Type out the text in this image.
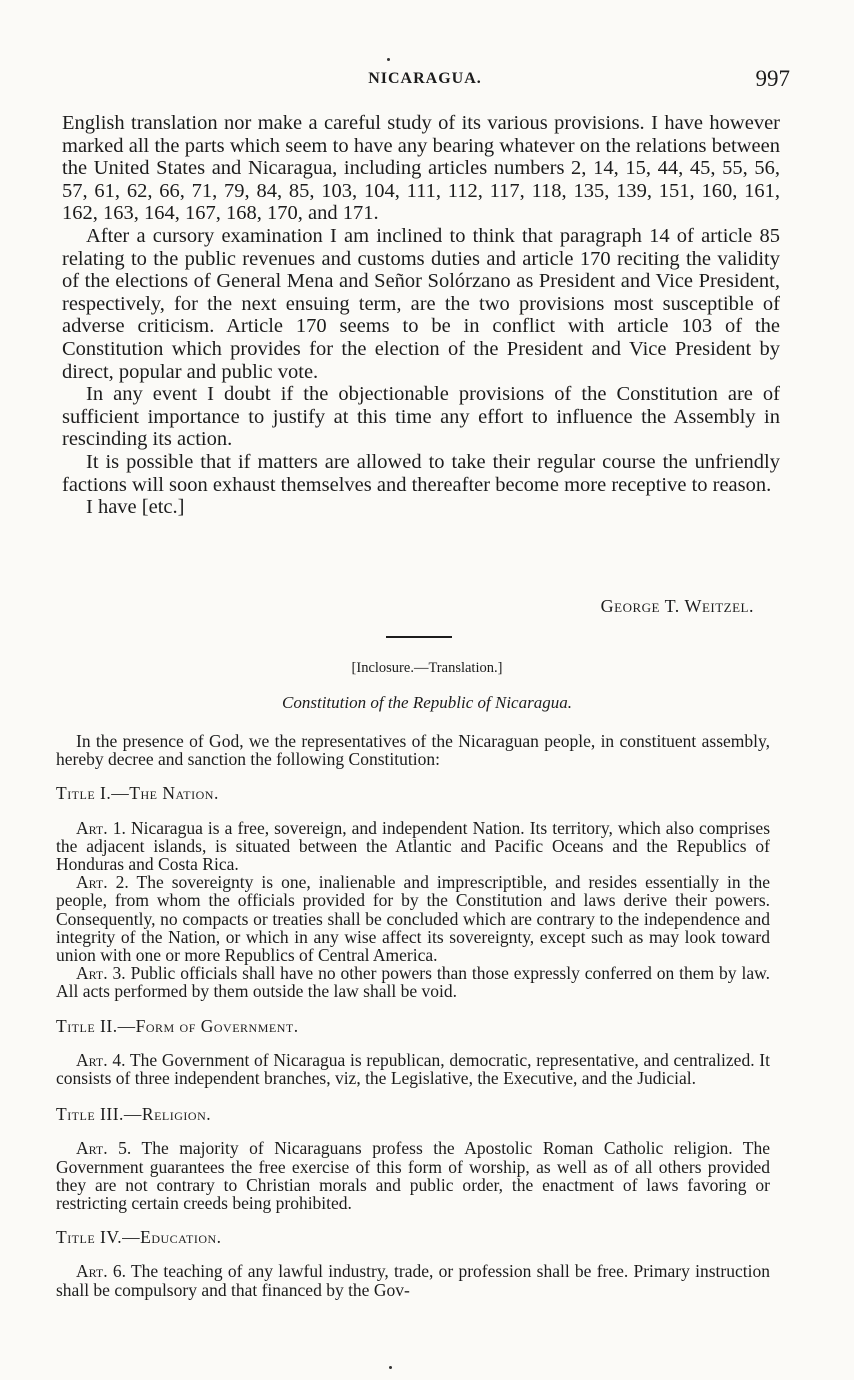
NICARAGUA.	997

English translation nor make a careful study of its various provisions. I have however marked all the parts which seem to have any bearing whatever on the relations between the United States and Nicaragua, including articles numbers 2, 14, 15, 44, 45, 55, 56, 57, 61, 62, 66, 71, 79, 84, 85, 103, 104, 111, 112, 117, 118, 135, 139, 151, 160, 161, 162, 163, 164, 167, 168, 170, and 171.

After a cursory examination I am inclined to think that paragraph 14 of article 85 relating to the public revenues and customs duties and article 170 reciting the validity of the elections of General Mena and Señor Solórzano as President and Vice President, respectively, for the next ensuing term, are the two provisions most susceptible of adverse criticism. Article 170 seems to be in conflict with article 103 of the Constitution which provides for the election of the President and Vice President by direct, popular and public vote.

In any event I doubt if the objectionable provisions of the Constitution are of sufficient importance to justify at this time any effort to influence the Assembly in rescinding its action.

It is possible that if matters are allowed to take their regular course the unfriendly factions will soon exhaust themselves and thereafter become more receptive to reason.

I have [etc.]

George T. Weitzel.
[Inclosure.—Translation.]
Constitution of the Republic of Nicaragua.

In the presence of God, we the representatives of the Nicaraguan people, in constituent assembly, hereby decree and sanction the following Constitution:

Title I.—The Nation.

Art. 1. Nicaragua is a free, sovereign, and independent Nation. Its territory, which also comprises the adjacent islands, is situated between the Atlantic and Pacific Oceans and the Republics of Honduras and Costa Rica.

Art. 2. The sovereignty is one, inalienable and imprescriptible, and resides essentially in the people, from whom the officials provided for by the Constitution and laws derive their powers. Consequently, no compacts or treaties shall be concluded which are contrary to the independence and integrity of the Nation, or which in any wise affect its sovereignty, except such as may look toward union with one or more Republics of Central America.

Art. 3. Public officials shall have no other powers than those expressly conferred on them by law. All acts performed by them outside the law shall be void.

Title II.—Form of Government.

Art. 4. The Government of Nicaragua is republican, democratic, representative, and centralized. It consists of three independent branches, viz, the Legislative, the Executive, and the Judicial.

Title III.—Religion.

Art. 5. The majority of Nicaraguans profess the Apostolic Roman Catholic religion. The Government guarantees the free exercise of this form of worship, as well as of all others provided they are not contrary to Christian morals and public order, the enactment of laws favoring or restricting certain creeds being prohibited.

Title IV.—Education.

Art. 6. The teaching of any lawful industry, trade, or profession shall be free. Primary instruction shall be compulsory and that financed by the Gov-
